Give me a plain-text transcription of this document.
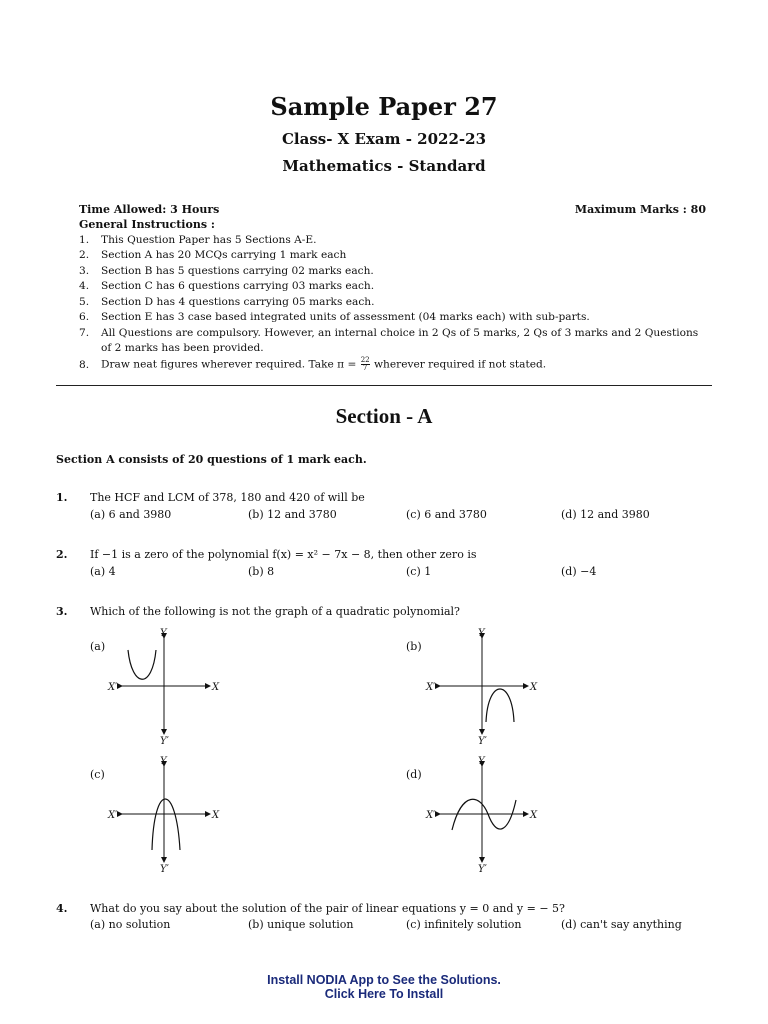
Sample Paper 27
Class- X Exam - 2022-23
Mathematics - Standard
Time Allowed: 3 Hours	Maximum Marks : 80
General Instructions :
1. This Question Paper has 5 Sections A-E.
2. Section A has 20 MCQs carrying 1 mark each
3. Section B has 5 questions carrying 02 marks each.
4. Section C has 6 questions carrying 03 marks each.
5. Section D has 4 questions carrying 05 marks each.
6. Section E has 3 case based integrated units of assessment (04 marks each) with sub-parts.
7. All Questions are compulsory. However, an internal choice in 2 Qs of 5 marks, 2 Qs of 3 marks and 2 Questions
of 2 marks has been provided.
8. Draw neat figures wherever required. Take $\pi = \frac{22}{7}$ wherever required if not stated.
Section - A
Section A consists of 20 questions of 1 mark each.
1. The HCF and LCM of 378, 180 and 420 of will be
(a) 6 and 3980	(b) 12 and 3780	(c) 6 and 3780	(d) 12 and 3980
2. If −1 is a zero of the polynomial f(x) = x² − 7x − 8, then other zero is
(a) 4	(b) 8	(c) 1	(d) −4
3. Which of the following is not the graph of a quadratic polynomial?
(a)
X′	X
Y
Y′
(b)
X′	X
Y
Y′
(c)
X′	X
Y
Y′
(d)
X′	X
Y
Y′
4. What do you say about the solution of the pair of linear equations y = 0 and y = − 5?
(a) no solution	(b) unique solution	(c) infinitely solution	(d) can't say anything
Install NODIA App to See the Solutions.
Click Here To Install
